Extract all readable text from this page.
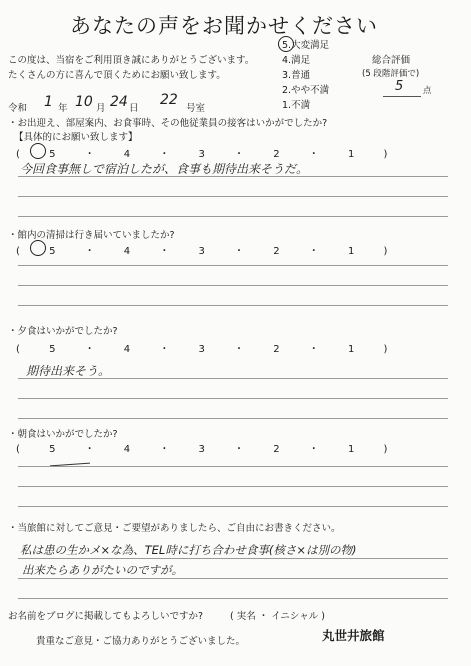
あなたの声をお聞かせください
この度は、当宿をご利用頂き誠にありがとうございます。
たくさんの方に喜んで頂くためにお願い致します。
5.大変満足
4.満足
3.普通
2.やや不満
1.不満
総合評価
(5 段階評価で)
5 点
令和 1 年 10 月 24 日
22
号室
・お出迎え、部屋案内、お食事時、その他従業員の接客はいかがでしたか?
【具体的にお願い致します】
( 5 ・ 4 ・ 3 ・ 2 ・ 1 )
今回食事無しで宿泊したが、食事も期待出来そうだ。
・館内の清掃は行き届いていましたか?
( 5 ・ 4 ・ 3 ・ 2 ・ 1 )
・夕食はいかがでしたか?
( 5 ・ 4 ・ 3 ・ 2 ・ 1 )
期待出来そう。
・朝食はいかがでしたか?
( 5 ・ 4 ・ 3 ・ 2 ・ 1 )
・当旅館に対してご意見・ご要望がありましたら、ご自由にお書きください。
私は患の生かメ×な為、TEL時に打ち合わせ食事(核さ×は別の物)
出来たらありがたいのですが。
お名前をブログに掲載してもよろしいですか?	( 実名 ・ イニシャル )
貴重なご意見・ご協力ありがとうございました。	丸世井旅館
